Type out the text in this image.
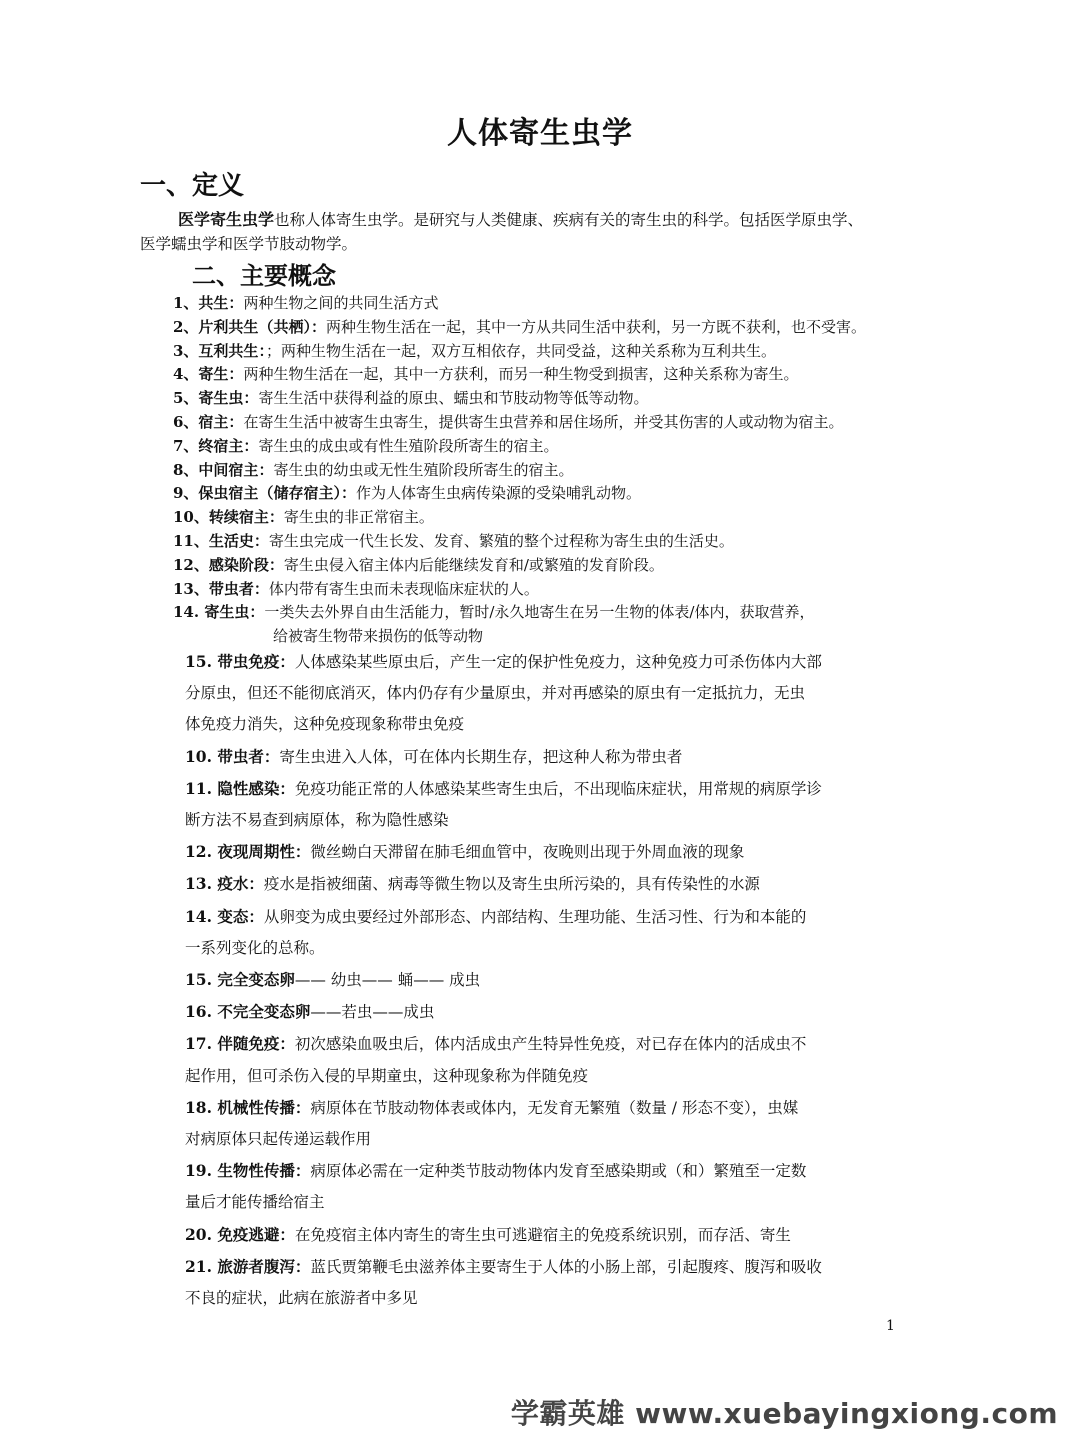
人体寄生虫学
一、定义
医学寄生虫学也称人体寄生虫学。是研究与人类健康、疾病有关的寄生虫的科学。包括医学原虫学、
医学蠕虫学和医学节肢动物学。
二、主要概念
1、共生：两种生物之间的共同生活方式
2、片利共生（共栖）：两种生物生活在一起，其中一方从共同生活中获利，另一方既不获利，也不受害。
3、互利共生：；两种生物生活在一起，双方互相依存，共同受益，这种关系称为互利共生。
4、寄生：两种生物生活在一起，其中一方获利，而另一种生物受到损害，这种关系称为寄生。
5、寄生虫：寄生生活中获得利益的原虫、蠕虫和节肢动物等低等动物。
6、宿主：在寄生生活中被寄生虫寄生，提供寄生虫营养和居住场所，并受其伤害的人或动物为宿主。
7、终宿主：寄生虫的成虫或有性生殖阶段所寄生的宿主。
8、中间宿主：寄生虫的幼虫或无性生殖阶段所寄生的宿主。
9、保虫宿主（储存宿主）：作为人体寄生虫病传染源的受染哺乳动物。
10、转续宿主：寄生虫的非正常宿主。
11、生活史：寄生虫完成一代生长发、发育、繁殖的整个过程称为寄生虫的生活史。
12、感染阶段：寄生虫侵入宿主体内后能继续发育和/或繁殖的发育阶段。
13、带虫者：体内带有寄生虫而未表现临床症状的人。
14. 寄生虫：一类失去外界自由生活能力，暂时/永久地寄生在另一生物的体表/体内，获取营养，
给被寄生物带来损伤的低等动物
15. 带虫免疫：人体感染某些原虫后，产生一定的保护性免疫力，这种免疫力可杀伤体内大部
分原虫，但还不能彻底消灭，体内仍存有少量原虫，并对再感染的原虫有一定抵抗力，无虫
体免疫力消失，这种免疫现象称带虫免疫
10. 带虫者：寄生虫进入人体，可在体内长期生存，把这种人称为带虫者
11. 隐性感染：免疫功能正常的人体感染某些寄生虫后，不出现临床症状，用常规的病原学诊
断方法不易查到病原体，称为隐性感染
12. 夜现周期性：微丝蚴白天滞留在肺毛细血管中，夜晚则出现于外周血液的现象
13. 疫水：疫水是指被细菌、病毒等微生物以及寄生虫所污染的，具有传染性的水源
14. 变态：从卵变为成虫要经过外部形态、内部结构、生理功能、生活习性、行为和本能的
一系列变化的总称。
15. 完全变态卵—— 幼虫—— 蛹—— 成虫
16. 不完全变态卵——若虫——成虫
17. 伴随免疫：初次感染血吸虫后，体内活成虫产生特异性免疫，对已存在体内的活成虫不
起作用，但可杀伤入侵的早期童虫，这种现象称为伴随免疫
18. 机械性传播：病原体在节肢动物体表或体内，无发育无繁殖（数量 / 形态不变），虫媒
对病原体只起传递运载作用
19. 生物性传播：病原体必需在一定种类节肢动物体内发育至感染期或（和）繁殖至一定数
量后才能传播给宿主
20. 免疫逃避：在免疫宿主体内寄生的寄生虫可逃避宿主的免疫系统识别，而存活、寄生
21. 旅游者腹泻：蓝氏贾第鞭毛虫滋养体主要寄生于人体的小肠上部，引起腹疼、腹泻和吸收
不良的症状，此病在旅游者中多见
1
学霸英雄 www.xuebayingxiong.com
